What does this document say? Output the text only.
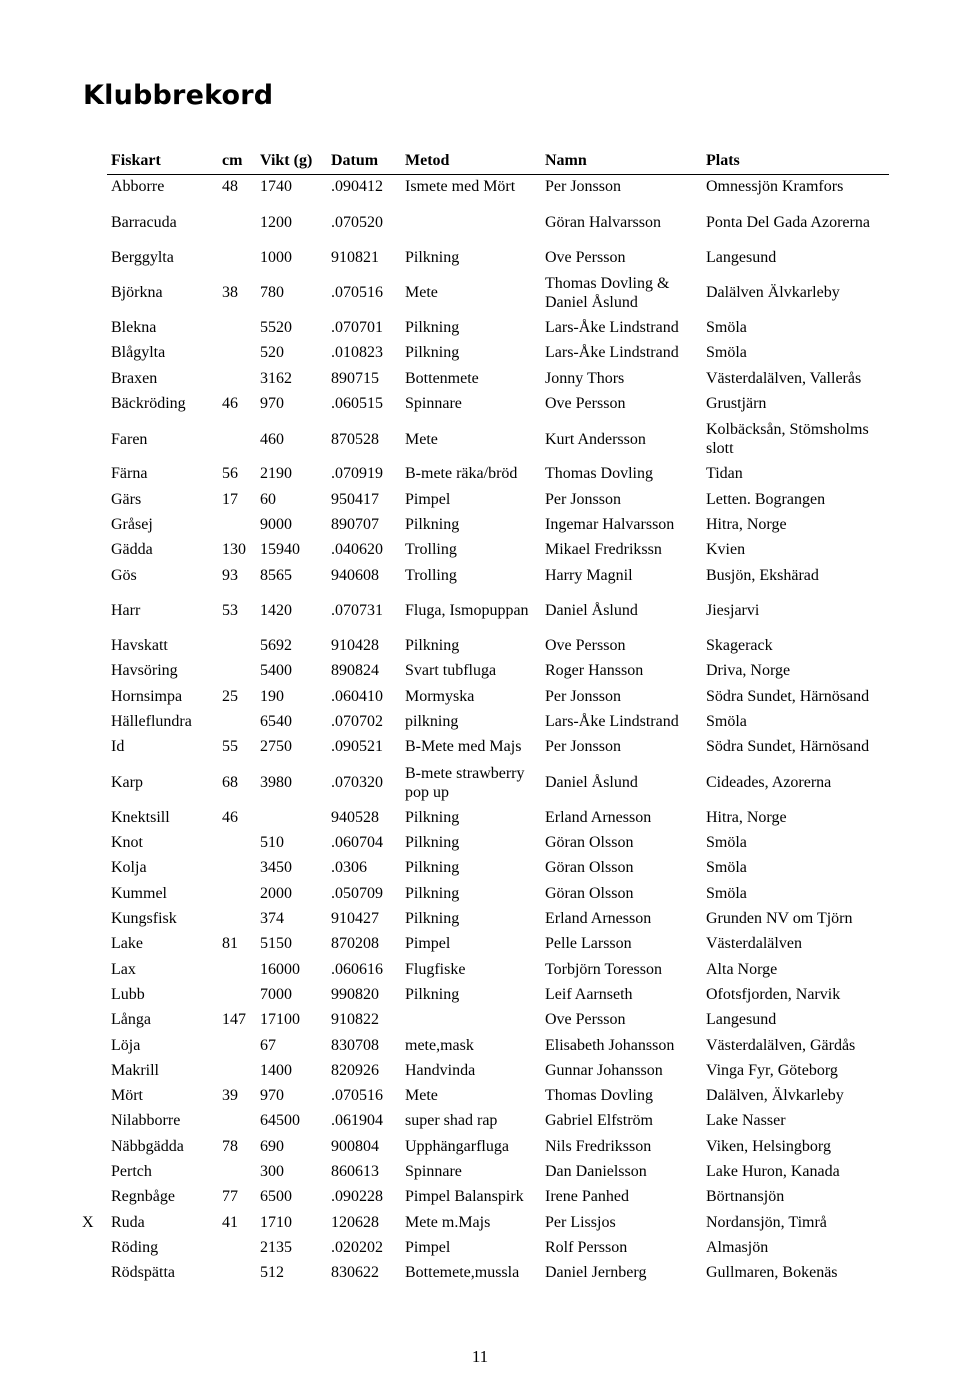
Klubbrekord
Fiskart	cm	Vikt (g)	Datum	Metod	Namn	Plats
Abborre	48	1740	.090412	Ismete med Mört	Per Jonsson	Omnessjön Kramfors
Barracuda		1200	.070520		Göran Halvarsson	Ponta Del Gada Azorerna
Berggylta		1000	910821	Pilkning	Ove Persson	Langesund
Björkna	38	780	.070516	Mete	Thomas Dovling & Daniel Åslund	Dalälven Älvkarleby
Blekna		5520	.070701	Pilkning	Lars-Åke Lindstrand	Smöla
Blågylta		520	.010823	Pilkning	Lars-Åke Lindstrand	Smöla
Braxen		3162	890715	Bottenmete	Jonny Thors	Västerdalälven, Vallerås
Bäckröding	46	970	.060515	Spinnare	Ove Persson	Grustjärn
Faren		460	870528	Mete	Kurt Andersson	Kolbäcksån, Stömsholms slott
Färna	56	2190	.070919	B-mete räka/bröd	Thomas Dovling	Tidan
Gärs	17	60	950417	Pimpel	Per Jonsson	Letten. Bograngen
Gråsej		9000	890707	Pilkning	Ingemar Halvarsson	Hitra, Norge
Gädda	130	15940	.040620	Trolling	Mikael Fredrikssn	Kvien
Gös	93	8565	940608	Trolling	Harry Magnil	Busjön, Ekshärad
Harr	53	1420	.070731	Fluga, Ismopuppan	Daniel Åslund	Jiesjarvi
Havskatt		5692	910428	Pilkning	Ove Persson	Skagerack
Havsöring		5400	890824	Svart tubfluga	Roger Hansson	Driva, Norge
Hornsimpa	25	190	.060410	Mormyska	Per Jonsson	Södra Sundet, Härnösand
Hälleflundra		6540	.070702	pilkning	Lars-Åke Lindstrand	Smöla
Id	55	2750	.090521	B-Mete med Majs	Per Jonsson	Södra Sundet, Härnösand
Karp	68	3980	.070320	B-mete strawberry pop up	Daniel Åslund	Cideades, Azorerna
Knektsill	46		940528	Pilkning	Erland Arnesson	Hitra, Norge
Knot		510	.060704	Pilkning	Göran Olsson	Smöla
Kolja		3450	.0306	Pilkning	Göran Olsson	Smöla
Kummel		2000	.050709	Pilkning	Göran Olsson	Smöla
Kungsfisk		374	910427	Pilkning	Erland Arnesson	Grunden NV om Tjörn
Lake	81	5150	870208	Pimpel	Pelle Larsson	Västerdalälven
Lax		16000	.060616	Flugfiske	Torbjörn Toresson	Alta Norge
Lubb		7000	990820	Pilkning	Leif Aarnseth	Ofotsfjorden, Narvik
Långa	147	17100	910822		Ove Persson	Langesund
Löja		67	830708	mete,mask	Elisabeth Johansson	Västerdalälven, Gärdås
Makrill		1400	820926	Handvinda	Gunnar Johansson	Vinga Fyr, Göteborg
Mört	39	970	.070516	Mete	Thomas Dovling	Dalälven, Älvkarleby
Nilabborre		64500	.061904	super shad rap	Gabriel Elfström	Lake Nasser
Näbbgädda	78	690	900804	Upphängarfluga	Nils Fredriksson	Viken, Helsingborg
Pertch		300	860613	Spinnare	Dan Danielsson	Lake Huron, Kanada
Regnbåge	77	6500	.090228	Pimpel Balanspirk	Irene Panhed	Börtnansjön
Ruda	41	1710	120628	Mete m.Majs	Per Lissjos	Nordansjön, Timrå
Röding		2135	.020202	Pimpel	Rolf Persson	Almasjön
Rödspätta		512	830622	Bottemete,mussla	Daniel Jernberg	Gullmaren, Bokenäs
X
11
